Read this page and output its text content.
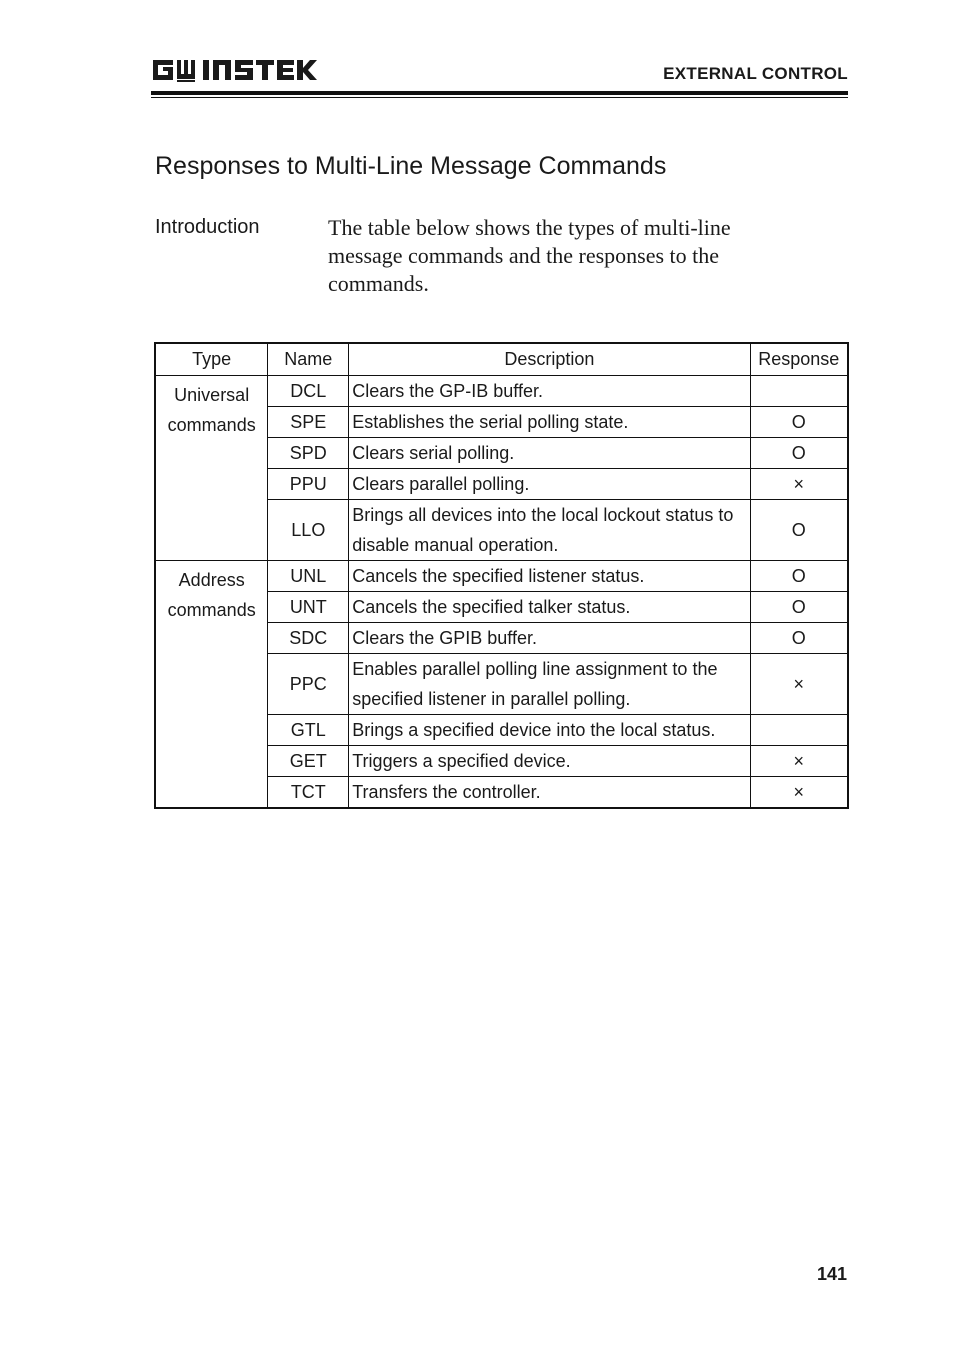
EXTERNAL CONTROL
Responses to Multi-Line Message Commands
Introduction	The table below shows the types of multi-line message commands and the responses to the commands.
Type	Name	Description	Response
Universal commands	DCL	Clears the GP-IB buffer.	
	SPE	Establishes the serial polling state.	O
	SPD	Clears serial polling.	O
	PPU	Clears parallel polling.	×
	LLO	Brings all devices into the local lockout status to disable manual operation.	O
Address commands	UNL	Cancels the specified listener status.	O
	UNT	Cancels the specified talker status.	O
	SDC	Clears the GPIB buffer.	O
	PPC	Enables parallel polling line assignment to the specified listener in parallel polling.	×
	GTL	Brings a specified device into the local status.	
	GET	Triggers a specified device.	×
	TCT	Transfers the controller.	×
141
